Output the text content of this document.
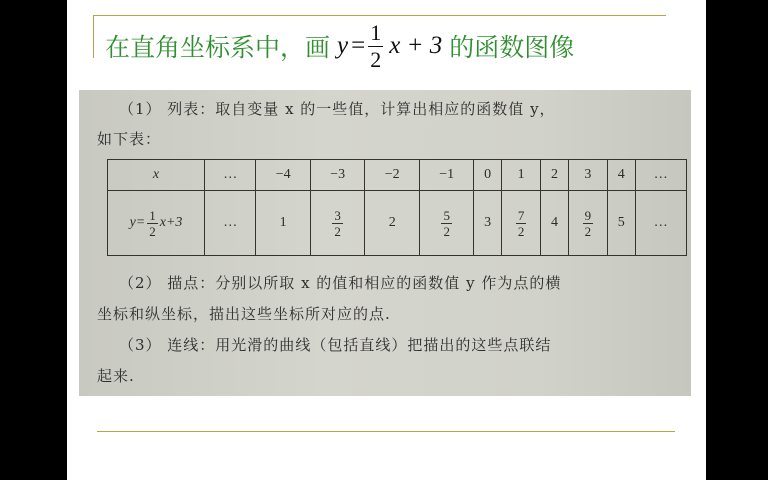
在直角坐标系中，画 $y = \frac{1}{2}$ x + 3 的函数图像
（1） 列表：取自变量 x 的一些值，计算出相应的函数值 y，
如下表：
x	…	−4	−3	−2	−1	0	1	2	3	4	…

$y= \frac{1}{2} x+3$	…	1	$\frac{3}{2}$	2	$\frac{5}{2}$	3	$\frac{7}{2}$	4	$\frac{9}{2}$	5	…
（2） 描点：分别以所取 x 的值和相应的函数值 y 作为点的横
坐标和纵坐标，描出这些坐标所对应的点.
（3） 连线：用光滑的曲线（包括直线）把描出的这些点联结
起来.
